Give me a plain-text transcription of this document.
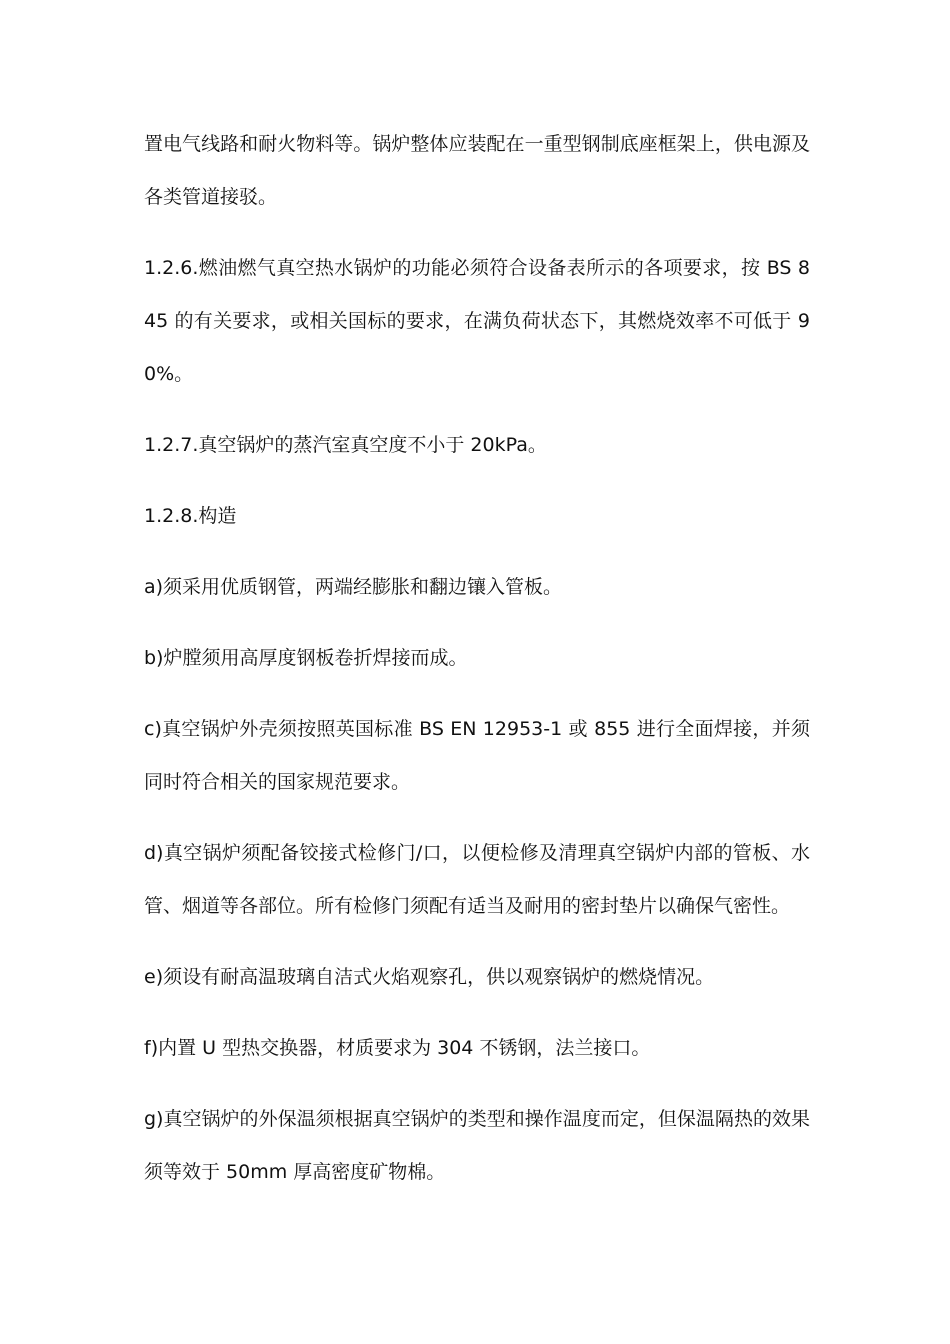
置电气线路和耐火物料等。锅炉整体应装配在一重型钢制底座框架上，供电源及各类管道接驳。

1.2.6.燃油燃气真空热水锅炉的功能必须符合设备表所示的各项要求，按 BS 845 的有关要求，或相关国标的要求，在满负荷状态下，其燃烧效率不可低于 90%。

1.2.7.真空锅炉的蒸汽室真空度不小于 20kPa。

1.2.8.构造

a)须采用优质钢管，两端经膨胀和翻边镶入管板。

b)炉膛须用高厚度钢板卷折焊接而成。

c)真空锅炉外壳须按照英国标准 BS EN 12953-1 或 855 进行全面焊接，并须同时符合相关的国家规范要求。

d)真空锅炉须配备铰接式检修门/口，以便检修及清理真空锅炉内部的管板、水管、烟道等各部位。所有检修门须配有适当及耐用的密封垫片以确保气密性。

e)须设有耐高温玻璃自洁式火焰观察孔，供以观察锅炉的燃烧情况。

f)内置 U 型热交换器，材质要求为 304 不锈钢，法兰接口。

g)真空锅炉的外保温须根据真空锅炉的类型和操作温度而定，但保温隔热的效果须等效于 50mm 厚高密度矿物棉。
